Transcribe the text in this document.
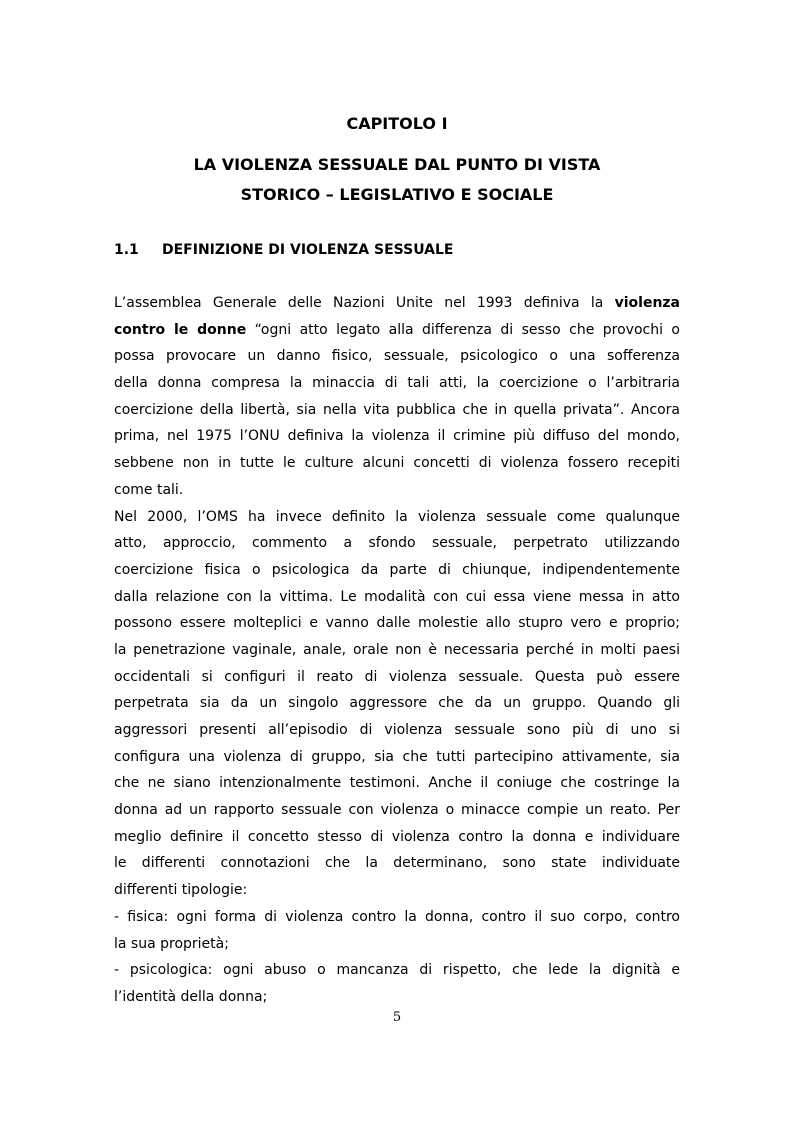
CAPITOLO I
LA VIOLENZA SESSUALE DAL PUNTO DI VISTA
STORICO – LEGISLATIVO E SOCIALE
1.1 DEFINIZIONE DI VIOLENZA SESSUALE
L’assemblea Generale delle Nazioni Unite nel 1993 definiva la violenza
contro le donne “ogni atto legato alla differenza di sesso che provochi o
possa provocare un danno fisico, sessuale, psicologico o una sofferenza
della donna compresa la minaccia di tali atti, la coercizione o l’arbitraria
coercizione della libertà, sia nella vita pubblica che in quella privata”. Ancora
prima, nel 1975 l’ONU definiva la violenza il crimine più diffuso del mondo,
sebbene non in tutte le culture alcuni concetti di violenza fossero recepiti
come tali.
Nel 2000, l’OMS ha invece definito la violenza sessuale come qualunque
atto, approccio, commento a sfondo sessuale, perpetrato utilizzando
coercizione fisica o psicologica da parte di chiunque, indipendentemente
dalla relazione con la vittima. Le modalità con cui essa viene messa in atto
possono essere molteplici e vanno dalle molestie allo stupro vero e proprio;
la penetrazione vaginale, anale, orale non è necessaria perché in molti paesi
occidentali si configuri il reato di violenza sessuale. Questa può essere
perpetrata sia da un singolo aggressore che da un gruppo. Quando gli
aggressori presenti all’episodio di violenza sessuale sono più di uno si
configura una violenza di gruppo, sia che tutti partecipino attivamente, sia
che ne siano intenzionalmente testimoni. Anche il coniuge che costringe la
donna ad un rapporto sessuale con violenza o minacce compie un reato. Per
meglio definire il concetto stesso di violenza contro la donna e individuare
le differenti connotazioni che la determinano, sono state individuate
differenti tipologie:
- fisica: ogni forma di violenza contro la donna, contro il suo corpo, contro
la sua proprietà;
- psicologica: ogni abuso o mancanza di rispetto, che lede la dignità e
l’identità della donna;
5
